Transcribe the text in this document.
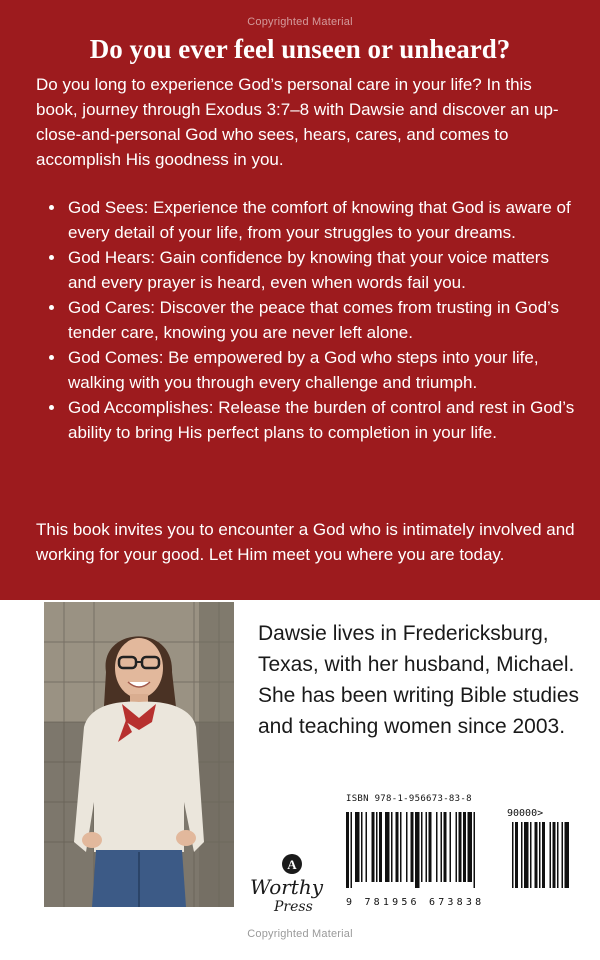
Copyrighted Material
Do you ever feel unseen or unheard?

Do you long to experience God’s personal care in your life? In this book, journey through Exodus 3:7–8 with Dawsie and discover an up-close-and-personal God who sees, hears, cares, and comes to accomplish His goodness in you.

God Sees: Experience the comfort of knowing that God is aware of every detail of your life, from your struggles to your dreams.
God Hears: Gain confidence by knowing that your voice matters and every prayer is heard, even when words fail you.
God Cares: Discover the peace that comes from trusting in God’s tender care, knowing you are never left alone.
God Comes: Be empowered by a God who steps into your life, walking with you through every challenge and triumph.
God Accomplishes: Release the burden of control and rest in God’s ability to bring His perfect plans to completion in your life.

This book invites you to encounter a God who is intimately involved and working for your good. Let Him meet you where you are today.

Dawsie lives in Fredericksburg, Texas, with her husband, Michael. She has been writing Bible studies and teaching women since 2003.

ISBN 978-1-956673-83-8
90000>
9 781956 673838
A
Worthy
Press
Copyrighted Material
